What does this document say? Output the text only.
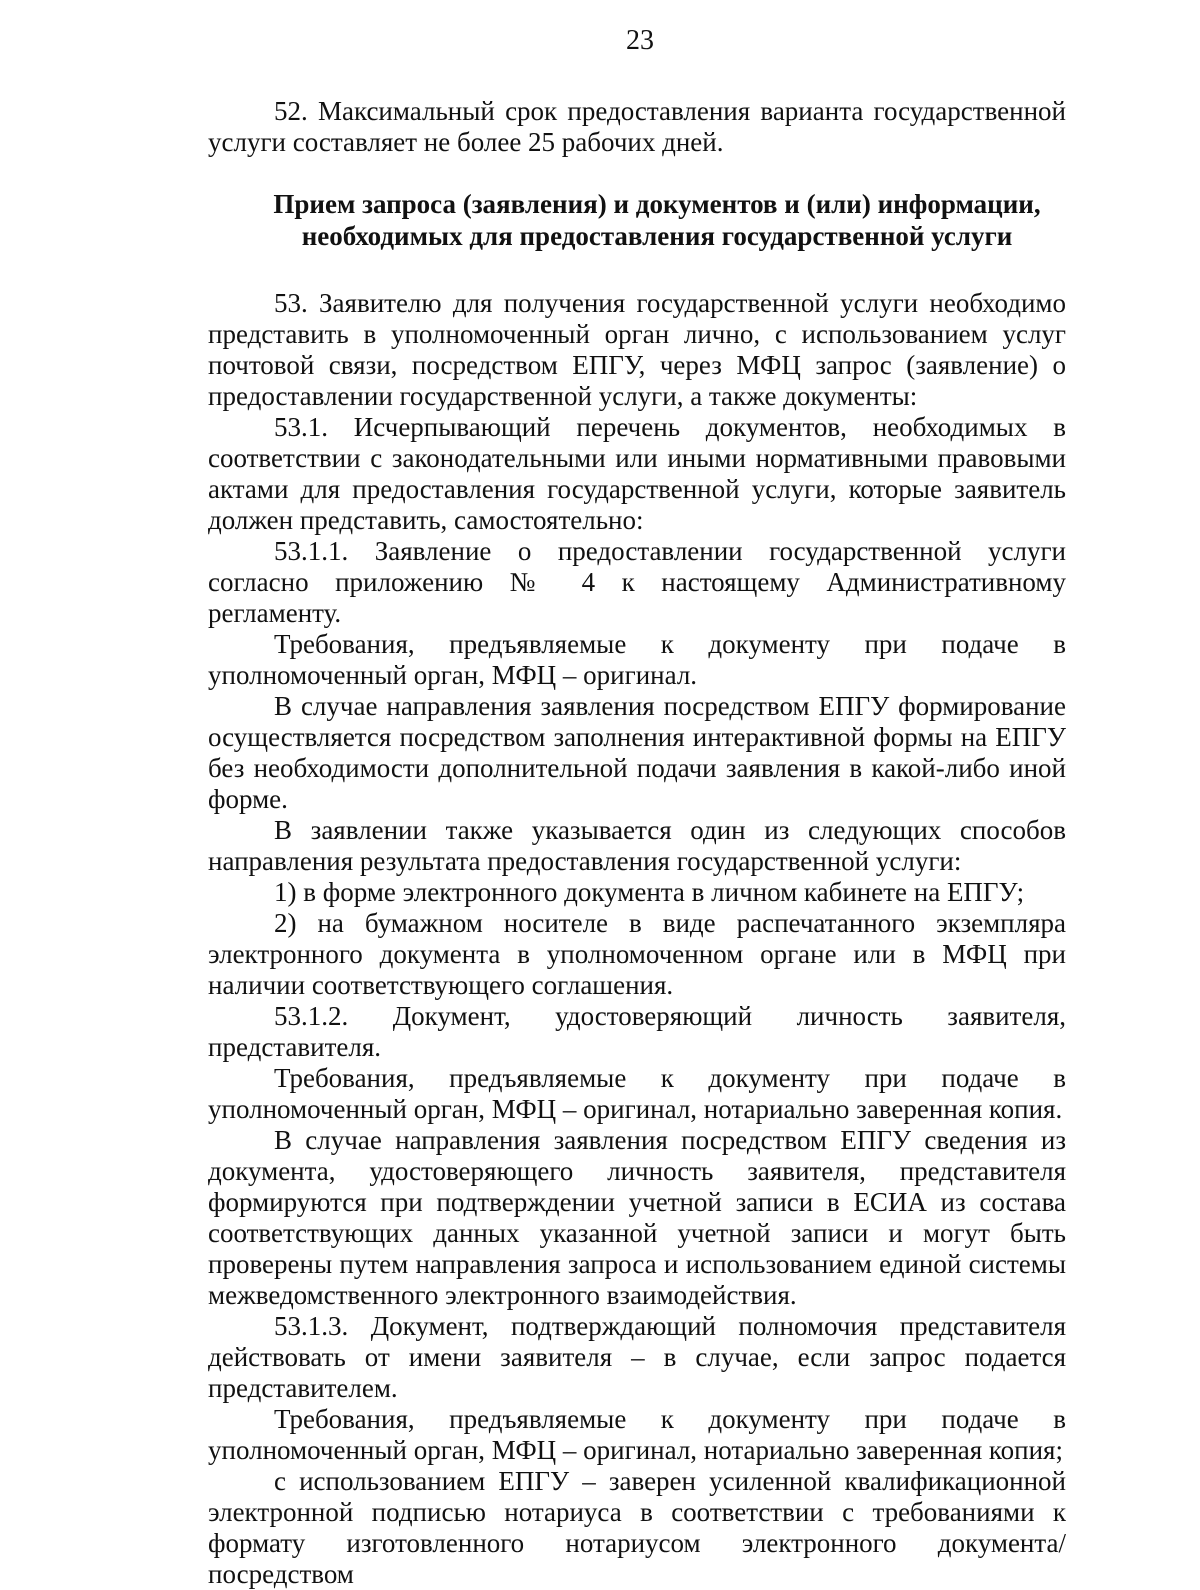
23

52. Максимальный срок предоставления варианта государственной услуги составляет не более 25 рабочих дней.

Прием запроса (заявления) и документов и (или) информации,
необходимых для предоставления государственной услуги

53. Заявителю для получения государственной услуги необходимо представить в уполномоченный орган лично, с использованием услуг почтовой связи, посредством ЕПГУ, через МФЦ запрос (заявление) о предоставлении государственной услуги, а также документы:

53.1. Исчерпывающий перечень документов, необходимых в соответствии с законодательными или иными нормативными правовыми актами для предоставления государственной услуги, которые заявитель должен представить, самостоятельно:

53.1.1. Заявление о предоставлении государственной услуги согласно приложению № 4 к настоящему Административному регламенту.

Требования, предъявляемые к документу при подаче в уполномоченный орган, МФЦ – оригинал.

В случае направления заявления посредством ЕПГУ формирование осуществляется посредством заполнения интерактивной формы на ЕПГУ без необходимости дополнительной подачи заявления в какой-либо иной форме.

В заявлении также указывается один из следующих способов направления результата предоставления государственной услуги:

1) в форме электронного документа в личном кабинете на ЕПГУ;

2) на бумажном носителе в виде распечатанного экземпляра электронного документа в уполномоченном органе или в МФЦ при наличии соответствующего соглашения.

53.1.2. Документ, удостоверяющий личность заявителя, представителя.

Требования, предъявляемые к документу при подаче в уполномоченный орган, МФЦ – оригинал, нотариально заверенная копия.

В случае направления заявления посредством ЕПГУ сведения из документа, удостоверяющего личность заявителя, представителя формируются при подтверждении учетной записи в ЕСИА из состава соответствующих данных указанной учетной записи и могут быть проверены путем направления запроса и использованием единой системы межведомственного электронного взаимодействия.

53.1.3. Документ, подтверждающий полномочия представителя действовать от имени заявителя – в случае, если запрос подается представителем.

Требования, предъявляемые к документу при подаче в уполномоченный орган, МФЦ – оригинал, нотариально заверенная копия;

с использованием ЕПГУ – заверен усиленной квалификационной электронной подписью нотариуса в соответствии с требованиями к формату изготовленного нотариусом электронного документа/посредством
